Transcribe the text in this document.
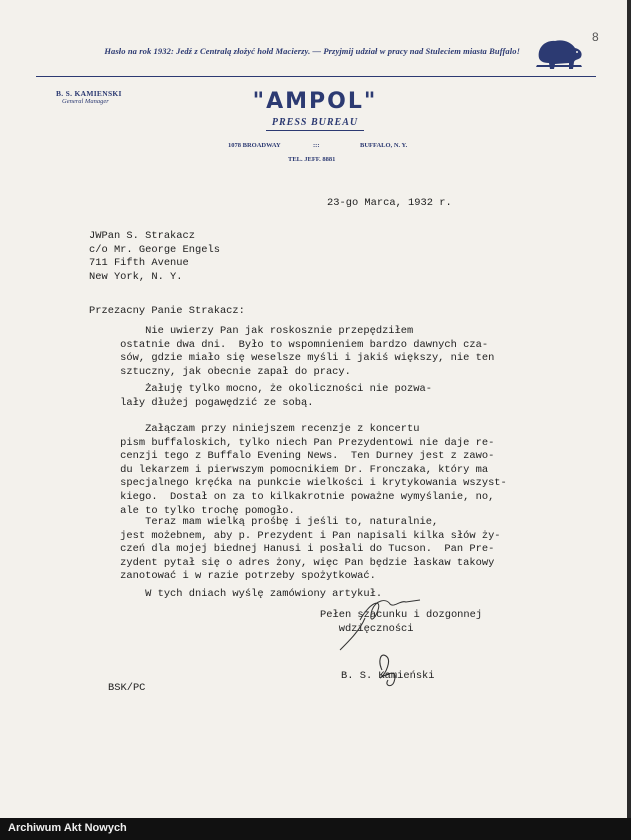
Hasło na rok 1932: Jedź z Centralą złożyć hołd Macierzy. — Przyjmij udział w pracy nad Stuleciem miasta Buffalo!
8
B. S. KAMIENSKI
General Manager	"AMPOL"
PRESS BUREAU
1078 BROADWAY	:::	BUFFALO, N. Y.
TEL. JEFF. 8881
23-go Marca, 1932 r.
JWPan S. Strakacz
c/o Mr. George Engels
711 Fifth Avenue
New York, N. Y.
Przezacny Panie Strakacz:
Nie uwierzy Pan jak roskosznie przepędziłem
ostatnie dwa dni.  Było to wspomnieniem bardzo dawnych cza-
sów, gdzie miało się weselsze myśli i jakiś większy, nie ten
sztuczny, jak obecnie zapał do pracy.
Żałuję tylko mocno, że okoliczności nie pozwa-
lały dłużej pogawędzić ze sobą.
Załączam przy niniejszem recenzje z koncertu
pism buffaloskich, tylko niech Pan Prezydentowi nie daje re-
cenzji tego z Buffalo Evening News.  Ten Durney jest z zawo-
du lekarzem i pierwszym pomocnikiem Dr. Fronczaka, który ma
specjalnego kręćka na punkcie wielkości i krytykowania wszyst-
kiego.  Dostał on za to kilkakrotnie poważne wymyślanie, no,
ale to tylko trochę pomogło.
Teraz mam wielką prośbę i jeśli to, naturalnie,
jest możebnem, aby p. Prezydent i Pan napisali kilka słów ży-
czeń dla mojej biednej Hanusi i posłali do Tucson.  Pan Pre-
zydent pytał się o adres żony, więc Pan będzie łaskaw takowy
zanotować i w razie potrzeby spożytkować.
W tych dniach wyślę zamówiony artykuł.
Pełen szacunku i dozgonnej
wdzięczności
B. S. Kamieński
BSK/PC
Archiwum Akt Nowych
